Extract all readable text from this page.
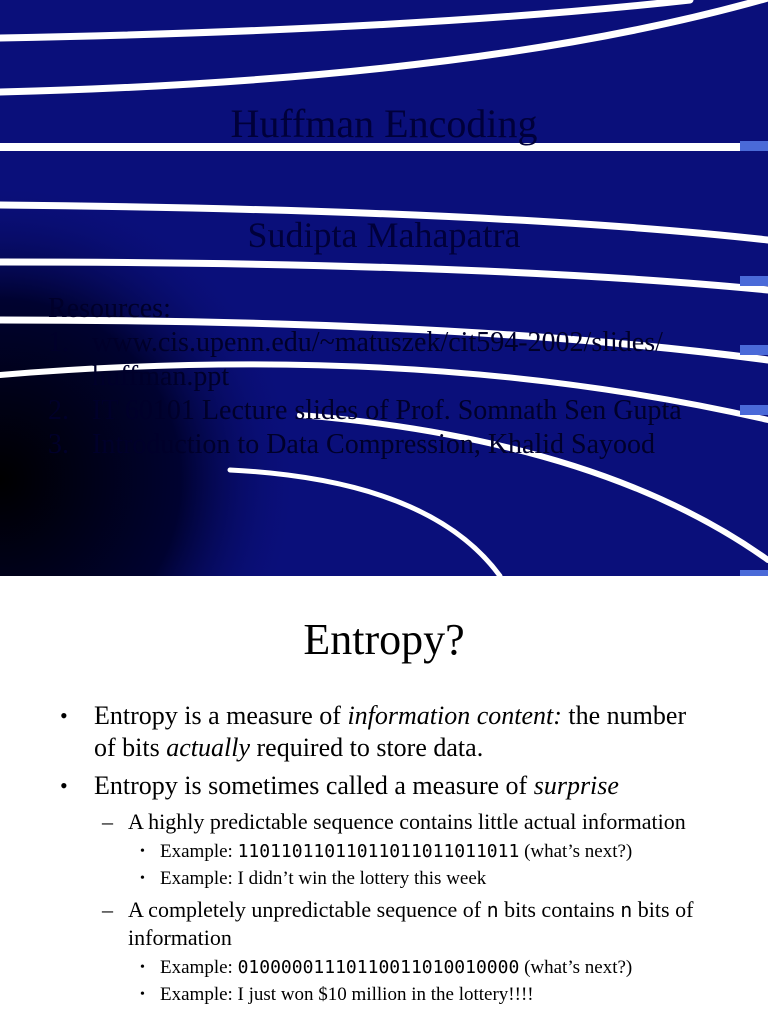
Huffman Encoding
Sudipta Mahapatra
Resources:
1. www.cis.upenn.edu/~matuszek/cit594-2002/slides/ huffman.ppt
2. IT 60101 Lecture slides of Prof. Somnath Sen Gupta
3. Introduction to Data Compression, Khalid Sayood
Entropy?
•	Entropy is a measure of information content: the number of bits actually required to store data.
•	Entropy is sometimes called a measure of surprise
– A highly predictable sequence contains little actual information
• Example: 11011011011011011011011011 (what’s next?)
• Example: I didn’t win the lottery this week
– A completely unpredictable sequence of n bits contains n bits of information
• Example: 01000001110110011010010000 (what’s next?)
• Example: I just won $10 million in the lottery!!!!
